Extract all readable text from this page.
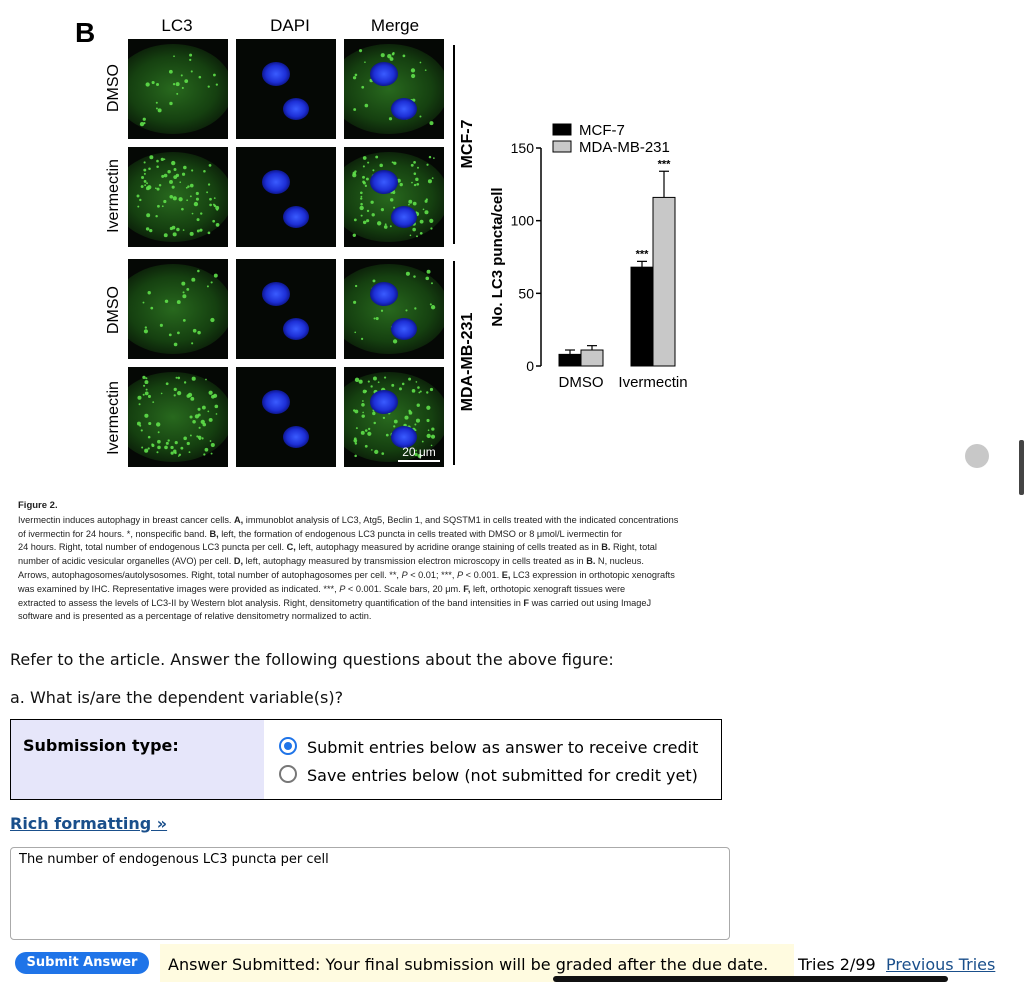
B	LC3	DAPI	Merge
DMSO
Ivermectin
DMSO
Ivermectin	20 μm
MCF-7
MDA-MB-231	0
50
100
150
No. LC3 puncta/cell
DMSO Ivermectin
***
***
MCF-7
MDA-MB-231
Figure 2.
Ivermectin induces autophagy in breast cancer cells. A, immunoblot analysis of LC3, Atg5, Beclin 1, and SQSTM1 in cells treated with the indicated concentrations
of ivermectin for 24 hours. *, nonspecific band. B, left, the formation of endogenous LC3 puncta in cells treated with DMSO or 8 μmol/L ivermectin for
24 hours. Right, total number of endogenous LC3 puncta per cell. C, left, autophagy measured by acridine orange staining of cells treated as in B. Right, total
number of acidic vesicular organelles (AVO) per cell. D, left, autophagy measured by transmission electron microscopy in cells treated as in B. N, nucleus.
Arrows, autophagosomes/autolysosomes. Right, total number of autophagosomes per cell. **, P < 0.01; ***, P < 0.001. E, LC3 expression in orthotopic xenografts
was examined by IHC. Representative images were provided as indicated. ***, P < 0.001. Scale bars, 20 μm. F, left, orthotopic xenograft tissues were
extracted to assess the levels of LC3-II by Western blot analysis. Right, densitometry quantification of the band intensities in F was carried out using ImageJ
software and is presented as a percentage of relative densitometry normalized to actin.
Refer to the article. Answer the following questions about the above figure:
a. What is/are the dependent variable(s)?
Submission type:	Submit entries below as answer to receive credit
Save entries below (not submitted for credit yet)
Rich formatting »
The number of endogenous LC3 puncta per cell
Submit Answer	Answer Submitted: Your final submission will be graded after the due date. Tries 2/99 Previous Tries
